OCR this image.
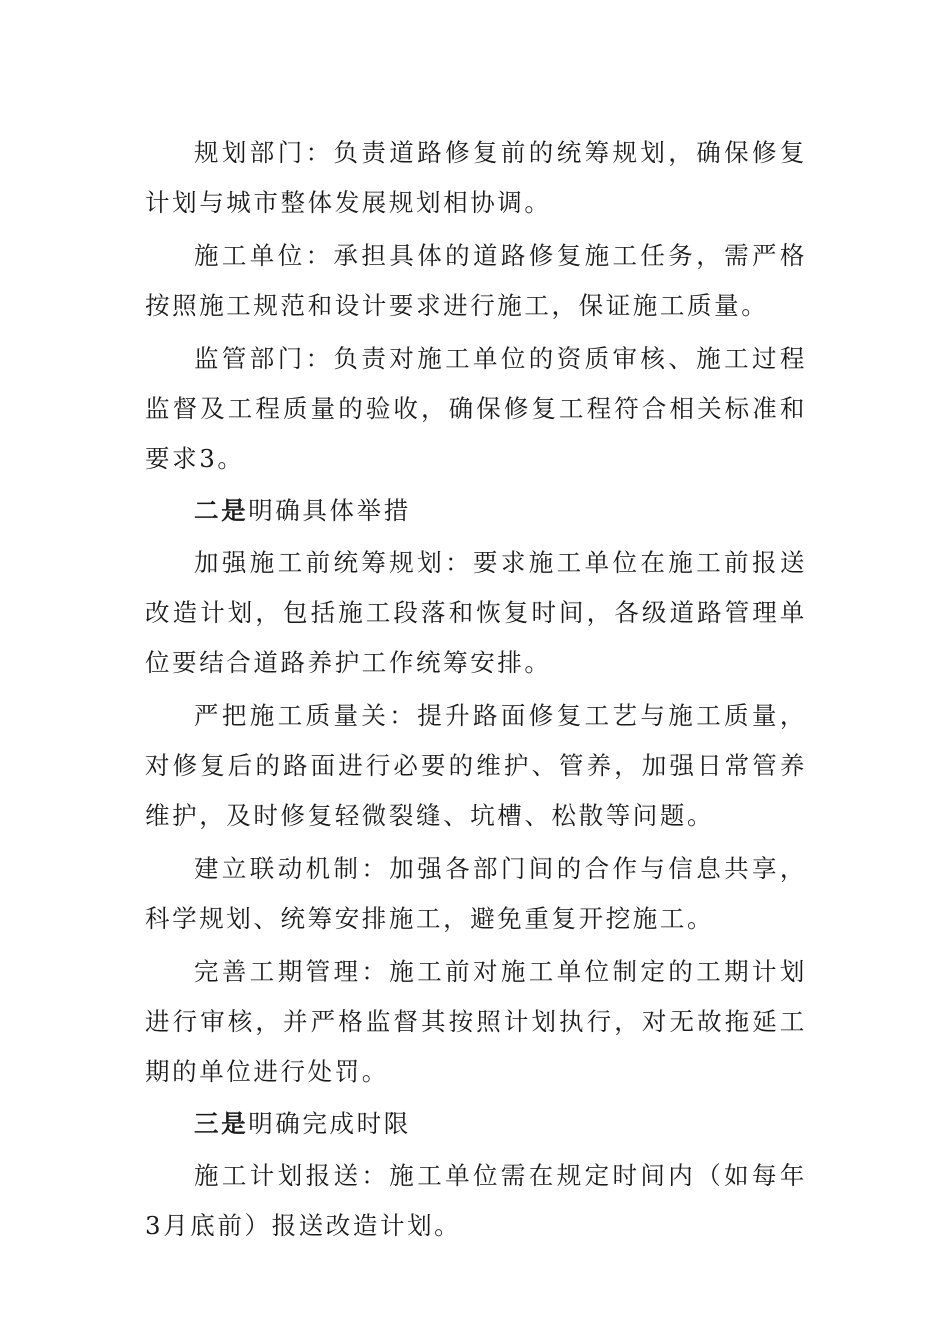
规划部门：负责道路修复前的统筹规划，确保修复计划与城市整体发展规划相协调。

施工单位：承担具体的道路修复施工任务，需严格按照施工规范和设计要求进行施工，保证施工质量。

监管部门：负责对施工单位的资质审核、施工过程监督及工程质量的验收，确保修复工程符合相关标准和要求3。

二是明确具体举措

加强施工前统筹规划：要求施工单位在施工前报送改造计划，包括施工段落和恢复时间，各级道路管理单位要结合道路养护工作统筹安排。

严把施工质量关：提升路面修复工艺与施工质量，对修复后的路面进行必要的维护、管养，加强日常管养维护，及时修复轻微裂缝、坑槽、松散等问题。

建立联动机制：加强各部门间的合作与信息共享，科学规划、统筹安排施工，避免重复开挖施工。

完善工期管理：施工前对施工单位制定的工期计划进行审核，并严格监督其按照计划执行，对无故拖延工期的单位进行处罚。

三是明确完成时限

施工计划报送：施工单位需在规定时间内（如每年3月底前）报送改造计划。
